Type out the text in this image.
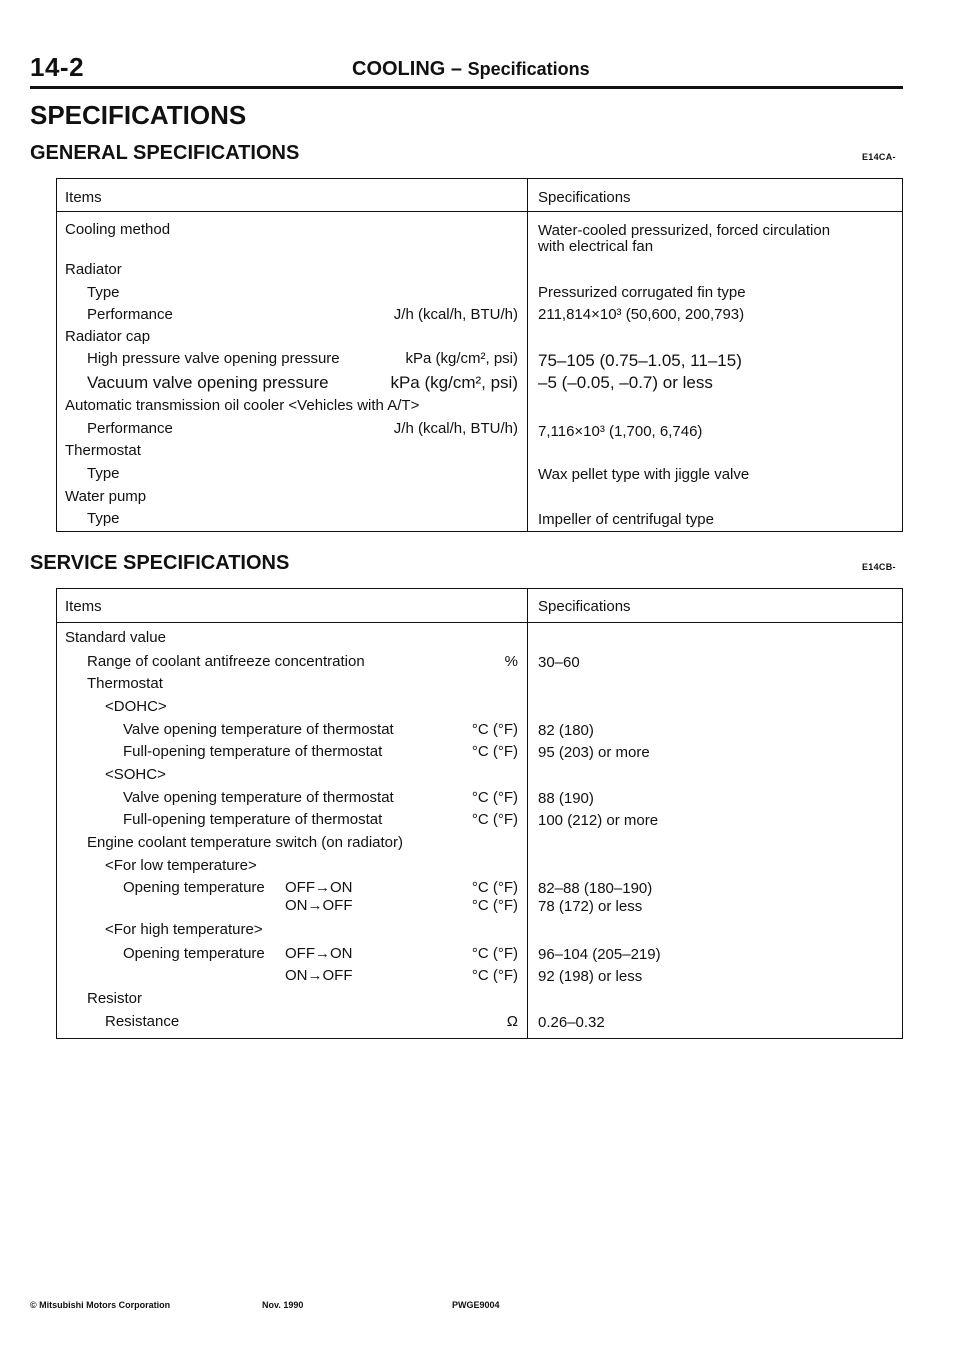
14-2	COOLING – Specifications
SPECIFICATIONS
GENERAL SPECIFICATIONS	E14CA-
Items	Specifications
Cooling method	Water-cooled pressurized, forced circulation
with electrical fan
Radiator
Type	Pressurized corrugated fin type
Performance	J/h (kcal/h, BTU/h) 211,814×10³ (50,600, 200,793)
Radiator cap
High pressure valve opening pressure	kPa (kg/cm², psi) 75–105 (0.75–1.05, 11–15)
Vacuum valve opening pressure	kPa (kg/cm², psi) –5 (–0.05, –0.7) or less
Automatic transmission oil cooler <Vehicles with A/T>
Performance	J/h (kcal/h, BTU/h) 7,116×10³ (1,700, 6,746)
Thermostat
Type	Wax pellet type with jiggle valve
Water pump
Type	Impeller of centrifugal type
SERVICE SPECIFICATIONS	E14CB-
Items	Specifications
Standard value
Range of coolant antifreeze concentration	% 30–60
Thermostat
<DOHC>
Valve opening temperature of thermostat	°C (°F) 82 (180)
Full-opening temperature of thermostat	°C (°F) 95 (203) or more
<SOHC>
Valve opening temperature of thermostat	°C (°F) 88 (190)
Full-opening temperature of thermostat	°C (°F) 100 (212) or more
Engine coolant temperature switch (on radiator)
<For low temperature>
Opening temperature OFF→ON	°C (°F) 82–88 (180–190)
ON→OFF	°C (°F) 78 (172) or less
<For high temperature>
Opening temperature OFF→ON	°C (°F) 96–104 (205–219)
ON→OFF	°C (°F) 92 (198) or less
Resistor
Resistance	Ω 0.26–0.32
© Mitsubishi Motors Corporation	Nov. 1990	PWGE9004
